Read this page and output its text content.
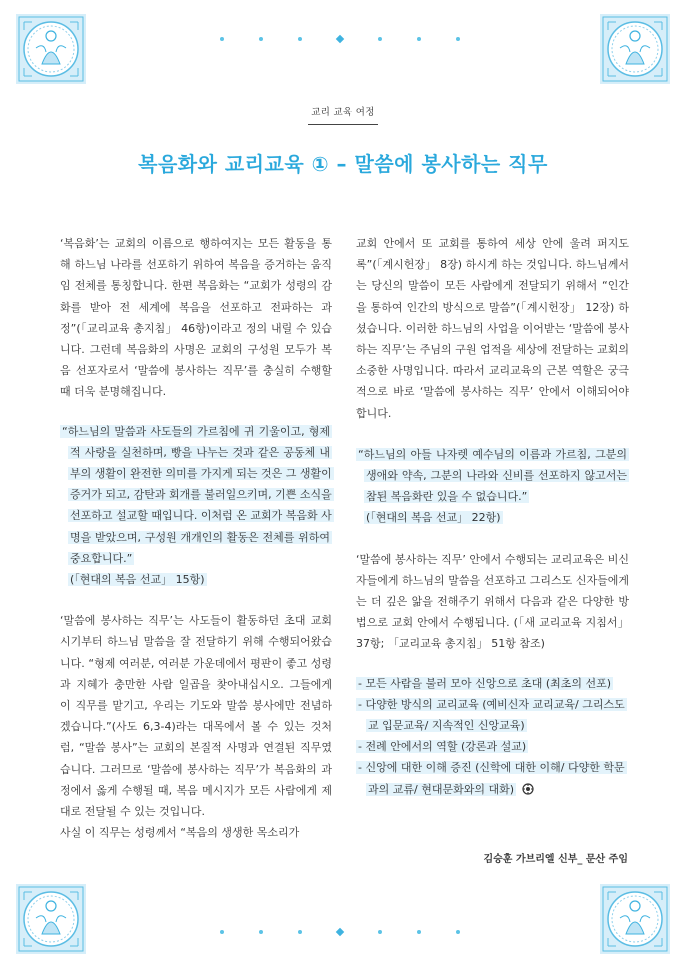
교리 교육 여정
복음화와 교리교육 ① – 말씀에 봉사하는 직무

‘복음화’는 교회의 이름으로 행하여지는 모든 활동을 통해 하느님 나라를 선포하기 위하여 복음을 증거하는 움직임 전체를 통칭합니다. 한편 복음화는 “교회가 성령의 감화를 받아 전 세계에 복음을 선포하고 전파하는 과정”(「교리교육 총지침」 46항)이라고 정의 내릴 수 있습니다. 그런데 복음화의 사명은 교회의 구성원 모두가 복음 선포자로서 ‘말씀에 봉사하는 직무’를 충실히 수행할 때 더욱 분명해집니다.

“하느님의 말씀과 사도들의 가르침에 귀 기울이고, 형제적 사랑을 실천하며, 빵을 나누는 것과 같은 공동체 내부의 생활이 완전한 의미를 가지게 되는 것은 그 생활이 증거가 되고, 감탄과 회개를 불러일으키며, 기쁜 소식을 선포하고 설교할 때입니다. 이처럼 온 교회가 복음화 사명을 받았으며, 구성원 개개인의 활동은 전체를 위하여 중요합니다.”
(「현대의 복음 선교」 15항)

‘말씀에 봉사하는 직무’는 사도들이 활동하던 초대 교회 시기부터 하느님 말씀을 잘 전달하기 위해 수행되어왔습니다. “형제 여러분, 여러분 가운데에서 평판이 좋고 성령과 지혜가 충만한 사람 일곱을 찾아내십시오. 그들에게 이 직무를 맡기고, 우리는 기도와 말씀 봉사에만 전념하겠습니다.”(사도 6,3-4)라는 대목에서 볼 수 있는 것처럼, “말씀 봉사”는 교회의 본질적 사명과 연결된 직무였습니다. 그러므로 ‘말씀에 봉사하는 직무’가 복음화의 과정에서 옳게 수행될 때, 복음 메시지가 모든 사람에게 제대로 전달될 수 있는 것입니다.

사실 이 직무는 성령께서 “복음의 생생한 목소리가

교회 안에서 또 교회를 통하여 세상 안에 울려 퍼지도록”(「계시헌장」 8장) 하시게 하는 것입니다. 하느님께서는 당신의 말씀이 모든 사람에게 전달되기 위해서 “인간을 통하여 인간의 방식으로 말씀”(「계시헌장」 12장) 하셨습니다. 이러한 하느님의 사업을 이어받는 ‘말씀에 봉사하는 직무’는 주님의 구원 업적을 세상에 전달하는 교회의 소중한 사명입니다. 따라서 교리교육의 근본 역할은 궁극적으로 바로 ‘말씀에 봉사하는 직무’ 안에서 이해되어야 합니다.

“하느님의 아들 나자렛 예수님의 이름과 가르침, 그분의 생애와 약속, 그분의 나라와 신비를 선포하지 않고서는 참된 복음화란 있을 수 없습니다.”
(「현대의 복음 선교」 22항)

‘말씀에 봉사하는 직무’ 안에서 수행되는 교리교육은 비신자들에게 하느님의 말씀을 선포하고 그리스도 신자들에게는 더 깊은 앎을 전해주기 위해서 다음과 같은 다양한 방법으로 교회 안에서 수행됩니다. (「새 교리교육 지침서」 37항; 「교리교육 총지침」 51항 참조)

- 모든 사람을 불러 모아 신앙으로 초대 (최초의 선포)
- 다양한 방식의 교리교육 (예비신자 교리교육/ 그리스도교 입문교육/ 지속적인 신앙교육)
- 전례 안에서의 역할 (강론과 설교)
- 신앙에 대한 이해 증진 (신학에 대한 이해/ 다양한 학문과의 교류/ 현대문화와의 대화)
김승훈 가브리엘 신부_ 문산 주임
